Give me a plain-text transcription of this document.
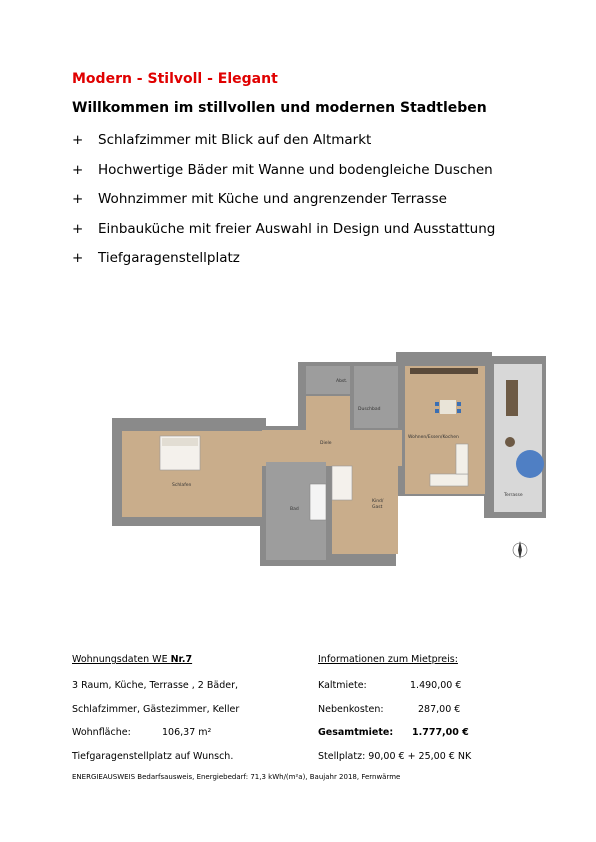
Modern - Stilvoll - Elegant
Willkommen im stillvollen und modernen Stadtleben
+	Schlafzimmer mit Blick auf den Altmarkt
+	Hochwertige Bäder mit Wanne und bodengleiche Duschen
+	Wohnzimmer mit Küche und angrenzender Terrasse
+	Einbauküche mit freier Auswahl in Design und Ausstattung
+	Tiefgaragenstellplatz
Abst.
Duschbad
Diele
Wohnen/Essen/Kochen
Schlafen
Bad
Kind/
Gast
Terrasse
Wohnungsdaten WE Nr.7
3 Raum, Küche, Terrasse , 2 Bäder,
Schlafzimmer, Gästezimmer, Keller
Wohnfläche:	106,37 m²
Tiefgaragenstellplatz auf Wunsch.
Informationen zum Mietpreis:
Kaltmiete:	1.490,00 €
Nebenkosten:	287,00 €
Gesamtmiete: 1.777,00 €
Stellplatz: 90,00 € + 25,00 € NK
ENERGIEAUSWEIS Bedarfsausweis, Energiebedarf: 71,3 kWh/(m²a), Baujahr 2018, Fernwärme
